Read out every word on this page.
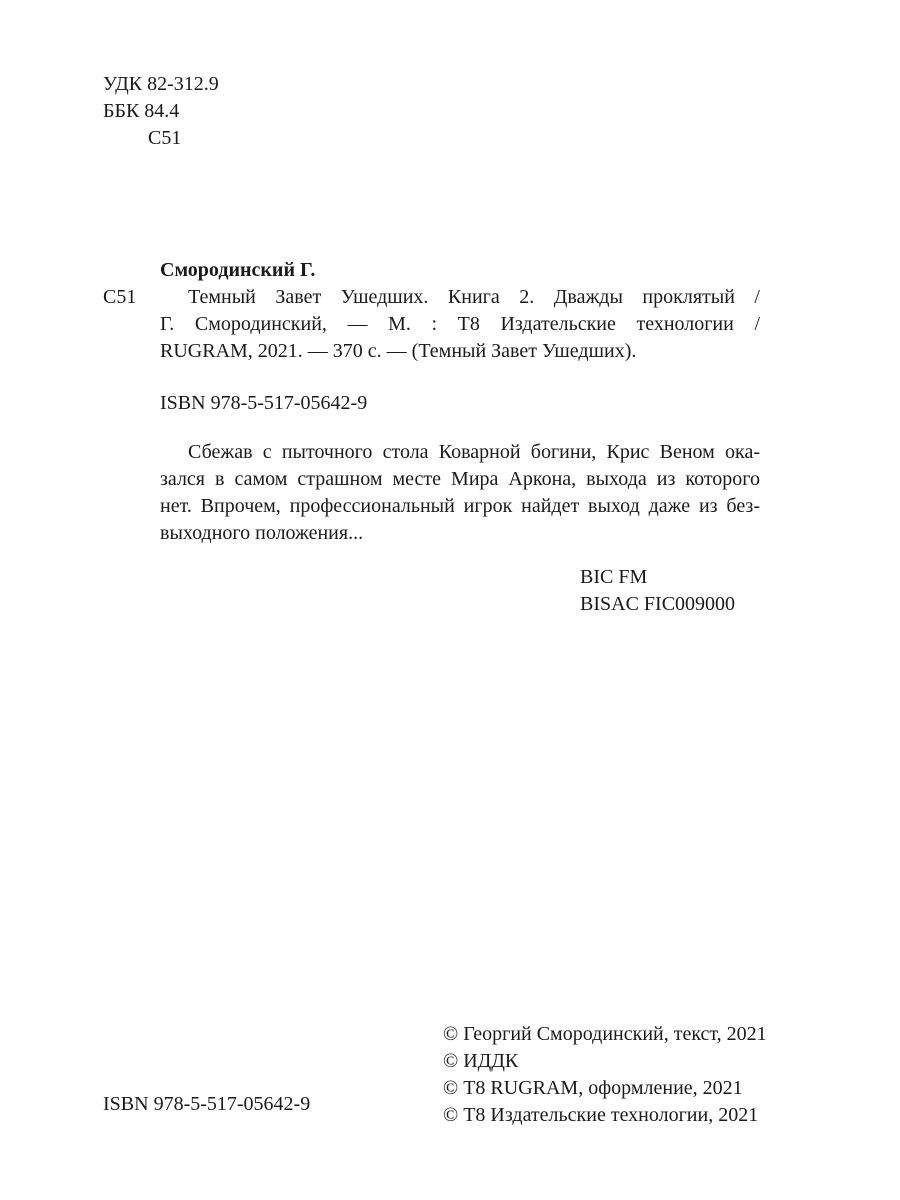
УДК 82-312.9
ББК 84.4
С51
Смородинский Г.
С51	Темный Завет Ушедших. Книга 2. Дважды проклятый /
Г. Смородинский, — М. : Т8 Издательские технологии /
RUGRAM, 2021. — 370 с. — (Темный Завет Ушедших).
ISBN 978-5-517-05642-9
Сбежав с пыточного стола Коварной богини, Крис Веном ока-
зался в самом страшном месте Мира Аркона, выхода из которого
нет. Впрочем, профессиональный игрок найдет выход даже из без-
выходного положения...
BIC FM
BISAC FIC009000
ISBN 978-5-517-05642-9
© Георгий Смородинский, текст, 2021
© ИДДК
© Т8 RUGRAM, оформление, 2021
© Т8 Издательские технологии, 2021
